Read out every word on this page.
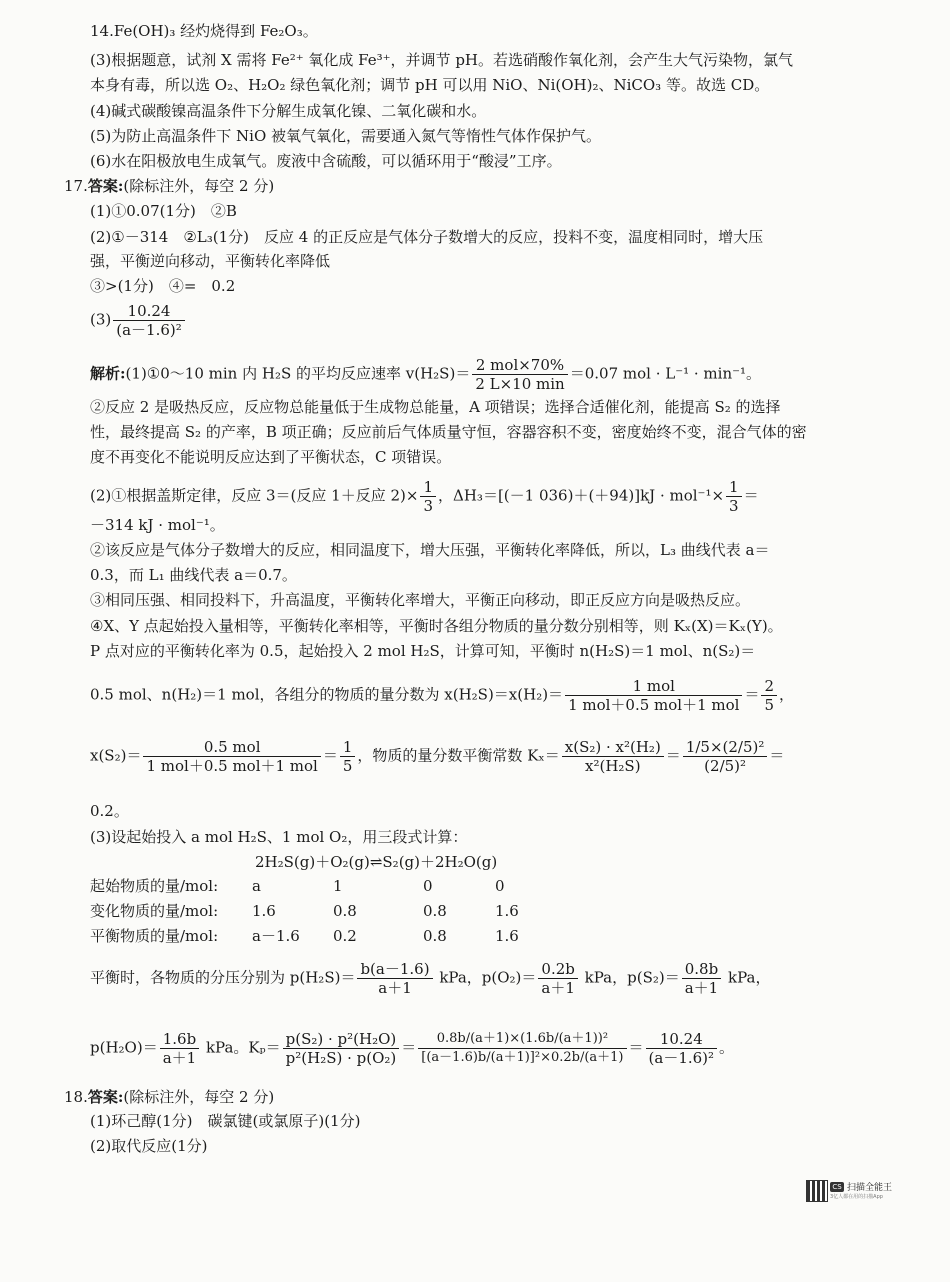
14.Fe(OH)₃ 经灼烧得到 Fe₂O₃。
(3)根据题意，试剂 X 需将 Fe²⁺ 氧化成 Fe³⁺，并调节 pH。若选硝酸作氧化剂，会产生大气污染物，氯气
本身有毒，所以选 O₂、H₂O₂ 绿色氧化剂；调节 pH 可以用 NiO、Ni(OH)₂、NiCO₃ 等。故选 CD。
(4)碱式碳酸镍高温条件下分解生成氧化镍、二氧化碳和水。
(5)为防止高温条件下 NiO 被氧气氧化，需要通入氮气等惰性气体作保护气。
(6)水在阳极放电生成氧气。废液中含硫酸，可以循环用于“酸浸”工序。
17.答案:(除标注外，每空 2 分)
(1)①0.07(1分)　②B
(2)①－314　②L₃(1分)　反应 4 的正反应是气体分子数增大的反应，投料不变，温度相同时，增大压
强，平衡逆向移动，平衡转化率降低
③>(1分)　④=　0.2
$(3) \frac{10.24}{\text{(a－1.6)²}}$
解析:(1)①0～10 min 内 H₂S 的平均反应速率 $v(H_2S)= \frac{\text{2 mol×70\%}}{2 L\times 10 \min} =0.07$ mol · L⁻¹ · min⁻¹。
②反应 2 是吸热反应，反应物总能量低于生成物总能量，A 项错误；选择合适催化剂，能提高 S₂ 的选择
性，最终提高 S₂ 的产率，B 项正确；反应前后气体质量守恒，容器容积不变，密度始终不变，混合气体的密
度不再变化不能说明反应达到了平衡状态，C 项错误。
(2)①根据盖斯定律，反应 3＝(反应 1＋反应 $2)\times \frac{1}{3}$ ，ΔH₃＝[(－1 $036)+(+94)]kJ \cdot mol^{-1}\times \frac{1}{3}$ ＝
－314 kJ · mol⁻¹。
②该反应是气体分子数增大的反应，相同温度下，增大压强，平衡转化率降低，所以，L₃ 曲线代表 a＝
0.3，而 L₁ 曲线代表 a＝0.7。
③相同压强、相同投料下，升高温度，平衡转化率增大，平衡正向移动，即正反应方向是吸热反应。
④X、Y 点起始投入量相等，平衡转化率相等，平衡时各组分物质的量分数分别相等，则 Kₓ(X)＝Kₓ(Y)。
P 点对应的平衡转化率为 0.5，起始投入 2 mol H₂S，计算可知，平衡时 n(H₂S)＝1 mol、n(S₂)＝
0.5 mol、n(H₂)＝1 mol，各组分的物质的量分数为 $x(H_2S)=x(H_2)= \frac{\text{1 mol}}{\text{1 mol＋0.5 mol＋1 mol}} = \frac{2}{5}$ ，
$x(S_2)= \frac{\text{0.5 mol}}{\text{1 mol＋0.5 mol＋1 mol}} = \frac{1}{5}$ ，物质的量分数平衡常数 $K_x= \frac{\text{x(S₂) · x²(H₂)}}{\text{x²(H₂S)}} = \frac{\text{1/5×(2/5)²}}{\text{(2/5)²}}$ ＝
0.2。
(3)设起始投入 a mol H₂S、1 mol O₂，用三段式计算：
2H₂S(g)＋O₂(g)⇌S₂(g)＋2H₂O(g)
起始物质的量/mol: a	1	0	0
变化物质的量/mol: 1.6	0.8	0.8	1.6
平衡物质的量/mol: a－1.6 0.2	0.8	1.6
平衡时，各物质的分压分别为 $p(H_2S)= \frac{b(a-1.6)}{a+1}$ kPa，$p(O_2)= \frac{0.2b}{a+1}$ kPa，$p(S_2)= \frac{0.8b}{a+1}$ kPa，
$p(H_2O)= \frac{1.6b}{a+1}$ kPa。$K_p= \frac{\text{p(S₂) · p²(H₂O)}}{\text{p²(H₂S) · p(O₂)}} = \frac{\text{0.8b/(a＋1)×(1.6b/(a＋1))²}}{\text{[(a－1.6)b/(a＋1)]²×0.2b/(a＋1)}} = \frac{10.24}{\text{(a－1.6)²}}$ 。
18.答案:(除标注外，每空 2 分)
(1)环己醇(1分)　碳氯键(或氯原子)(1分)
(2)取代反应(1分)
CS 扫描全能王
3亿人都在用的扫描App
